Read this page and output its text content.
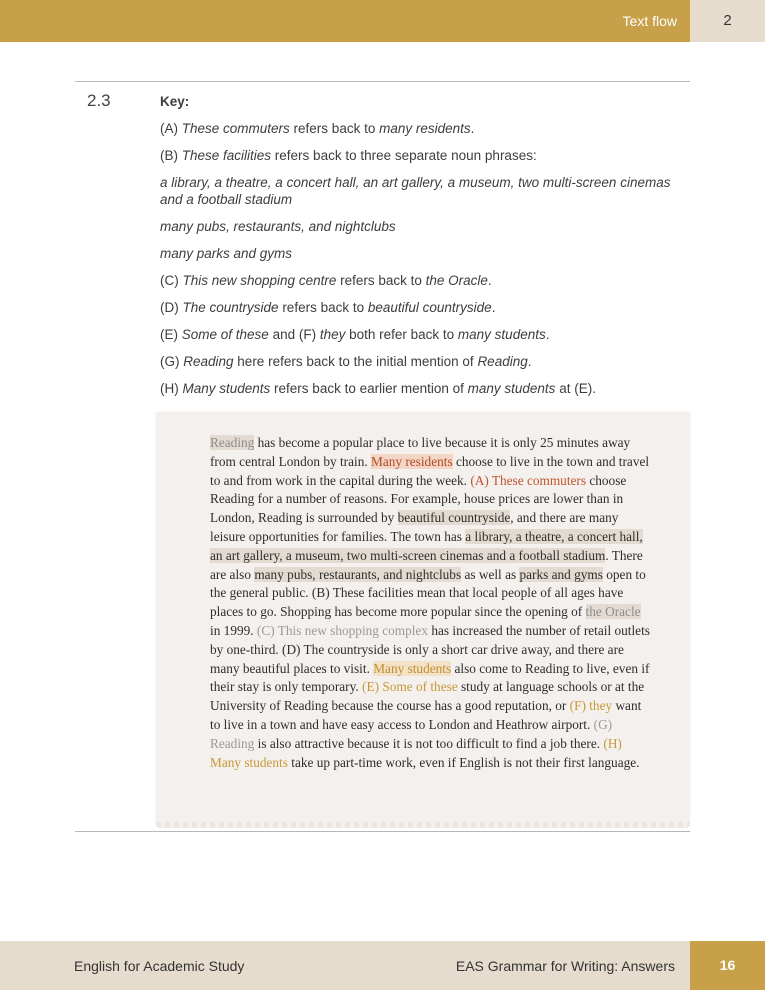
Text flow	2
2.3	Key:

(A) These commuters refers back to many residents.

(B) These facilities refers back to three separate noun phrases:

a library, a theatre, a concert hall, an art gallery, a museum, two multi-screen cinemas and a football stadium

many pubs, restaurants, and nightclubs

many parks and gyms

(C) This new shopping centre refers back to the Oracle.

(D) The countryside refers back to beautiful countryside.

(E) Some of these and (F) they both refer back to many students.

(G) Reading here refers back to the initial mention of Reading.

(H) Many students refers back to earlier mention of many students at (E).

Reading has become a popular place to live because it is only 25 minutes away from central London by train. Many residents choose to live in the town and travel to and from work in the capital during the week. (A) These commuters choose Reading for a number of reasons. For example, house prices are lower than in London, Reading is surrounded by beautiful countryside, and there are many leisure opportunities for families. The town has a library, a theatre, a concert hall, an art gallery, a museum, two multi-screen cinemas and a football stadium. There are also many pubs, restaurants, and nightclubs as well as parks and gyms open to the general public. (B) These facilities mean that local people of all ages have places to go. Shopping has become more popular since the opening of the Oracle in 1999. (C) This new shopping complex has increased the number of retail outlets by one-third. (D) The countryside is only a short car drive away, and there are many beautiful places to visit. Many students also come to Reading to live, even if their stay is only temporary. (E) Some of these study at language schools or at the University of Reading because the course has a good reputation, or (F) they want to live in a town and have easy access to London and Heathrow airport. (G) Reading is also attractive because it is not too difficult to find a job there. (H) Many students take up part-time work, even if English is not their first language.
English for Academic Study	EAS Grammar for Writing: Answers	16
